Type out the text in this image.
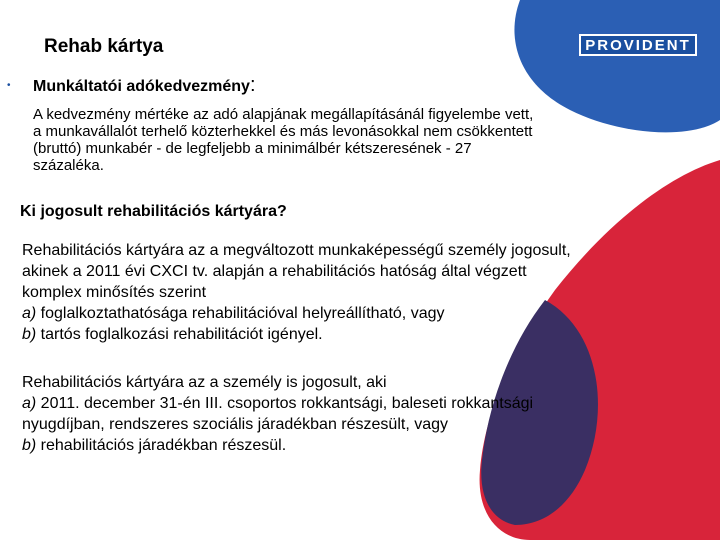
Rehab kártya	PROVIDENT
• Munkáltatói adókedvezmény:
A kedvezmény mértéke az adó alapjának megállapításánál figyelembe vett,
a munkavállalót terhelő közterhekkel és más levonásokkal nem csökkentett
(bruttó) munkabér - de legfeljebb a minimálbér kétszeresének - 27
százaléka.
Ki jogosult rehabilitációs kártyára?
Rehabilitációs kártyára az a megváltozott munkaképességű személy jogosult,
akinek a 2011 évi CXCI tv. alapján a rehabilitációs hatóság által végzett
komplex minősítés szerint
a) foglalkoztathatósága rehabilitációval helyreállítható, vagy
b) tartós foglalkozási rehabilitációt igényel.
Rehabilitációs kártyára az a személy is jogosult, aki
a) 2011. december 31-én III. csoportos rokkantsági, baleseti rokkantsági
nyugdíjban, rendszeres szociális járadékban részesült, vagy
b) rehabilitációs járadékban részesül.
